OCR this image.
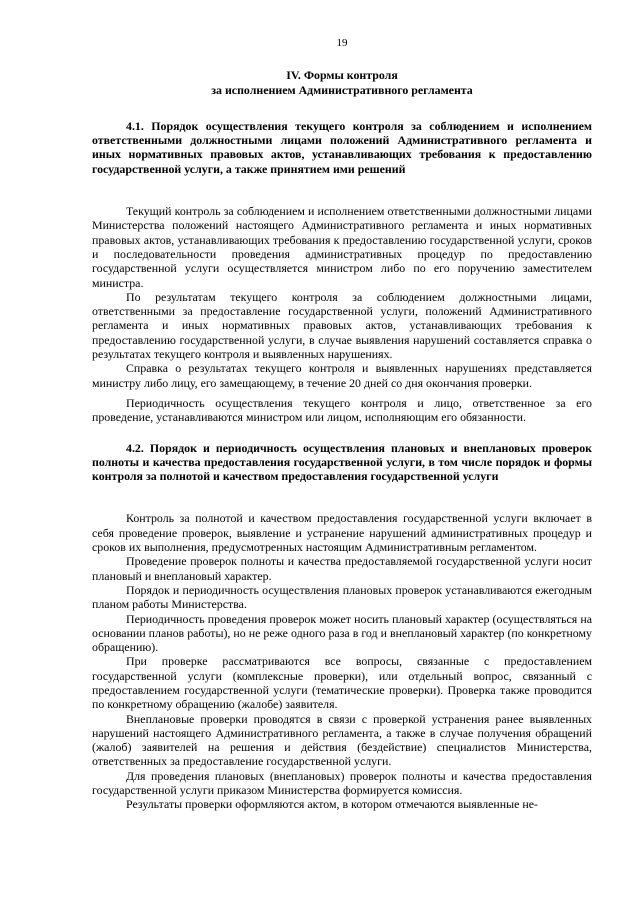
19

IV. Формы контроля

за исполнением Административного регламента

4.1. Порядок осуществления текущего контроля за соблюдением и исполнением ответственными должностными лицами положений Административного регламента и иных нормативных правовых актов, устанавливающих требования к предоставлению государственной услуги, а также принятием ими решений

Текущий контроль за соблюдением и исполнением ответственными должностными лицами Министерства положений настоящего Административного регламента и иных нормативных правовых актов, устанавливающих требования к предоставлению государственной услуги, сроков и последовательности проведения административных процедур по предоставлению государственной услуги осуществляется министром либо по его поручению заместителем министра.

По результатам текущего контроля за соблюдением должностными лицами, ответственными за предоставление государственной услуги, положений Административного регламента и иных нормативных правовых актов, устанавливающих требования к предоставлению государственной услуги, в случае выявления нарушений составляется справка о результатах текущего контроля и выявленных нарушениях.

Справка о результатах текущего контроля и выявленных нарушениях представляется министру либо лицу, его замещающему, в течение 20 дней со дня окончания проверки.

Периодичность осуществления текущего контроля и лицо, ответственное за его проведение, устанавливаются министром или лицом, исполняющим его обязанности.

4.2. Порядок и периодичность осуществления плановых и внеплановых проверок полноты и качества предоставления государственной услуги, в том числе порядок и формы контроля за полнотой и качеством предоставления государственной услуги

Контроль за полнотой и качеством предоставления государственной услуги включает в себя проведение проверок, выявление и устранение нарушений административных процедур и сроков их выполнения, предусмотренных настоящим Административным регламентом.

Проведение проверок полноты и качества предоставляемой государственной услуги носит плановый и внеплановый характер.

Порядок и периодичность осуществления плановых проверок устанавливаются ежегодным планом работы Министерства.

Периодичность проведения проверок может носить плановый характер (осуществляться на основании планов работы), но не реже одного раза в год и внеплановый характер (по конкретному обращению).

При проверке рассматриваются все вопросы, связанные с предоставлением государственной услуги (комплексные проверки), или отдельный вопрос, связанный с предоставлением государственной услуги (тематические проверки). Проверка также проводится по конкретному обращению (жалобе) заявителя.

Внеплановые проверки проводятся в связи с проверкой устранения ранее выявленных нарушений настоящего Административного регламента, а также в случае получения обращений (жалоб) заявителей на решения и действия (бездействие) специалистов Министерства, ответственных за предоставление государственной услуги.

Для проведения плановых (внеплановых) проверок полноты и качества предоставления государственной услуги приказом Министерства формируется комиссия.

Результаты проверки оформляются актом, в котором отмечаются выявленные не-
